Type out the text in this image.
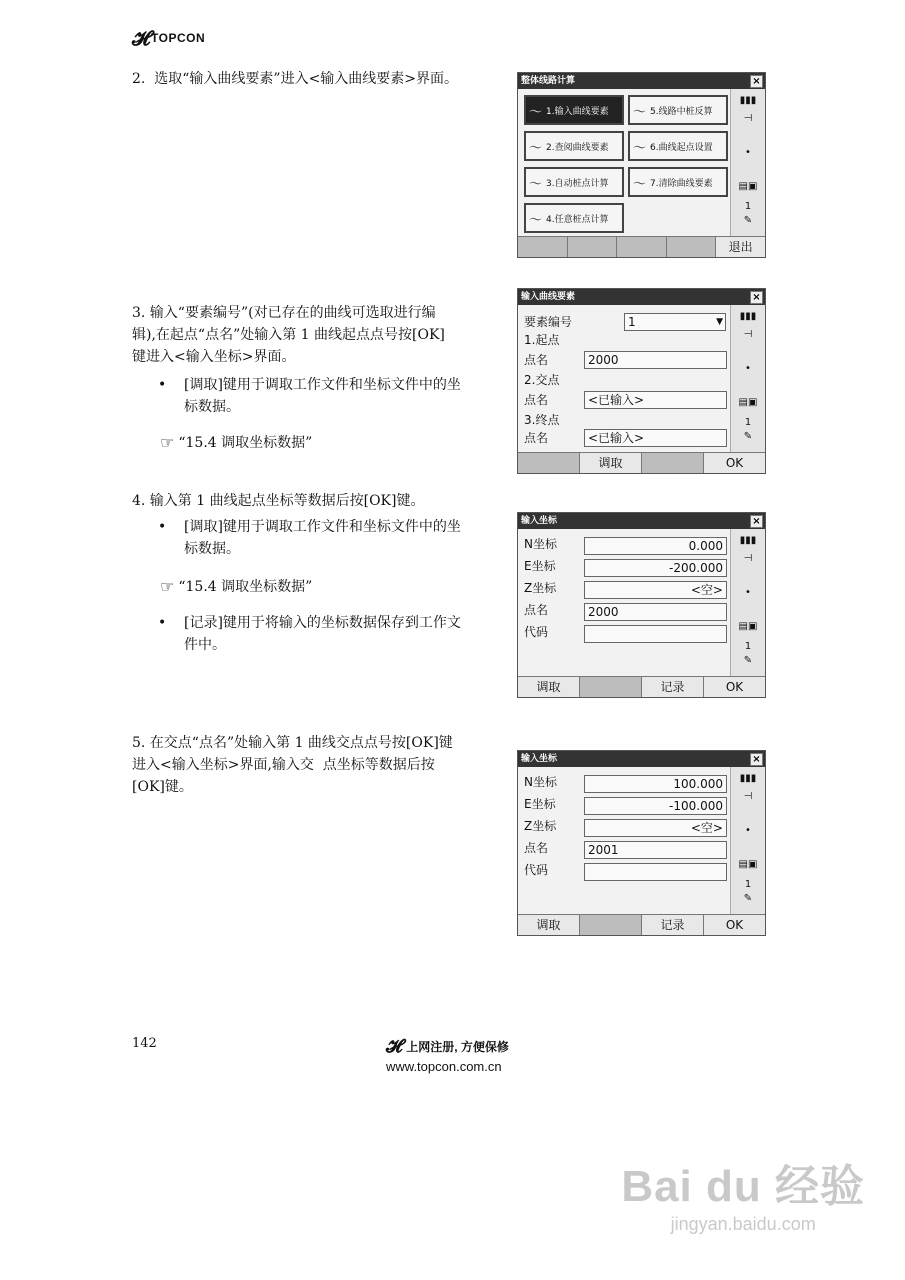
𝓗 TOPCON
2.  选取“输入曲线要素”进入<输入曲线要素>界面。	整体线路计算	×
〜 1.输入曲线要素
〜 2.查阅曲线要素
〜 3.自动桩点计算
〜 4.任意桩点计算
〜 5.线路中桩反算
〜 6.曲线起点设置
〜 7.清除曲线要素
▮▮▮
⊣
•
▤▣
1
✎
退出
3. 输入“要素编号”(对已存在的曲线可选取进行编
辑),在起点“点名”处输入第 1 曲线起点点号按[OK]
键进入<输入坐标>界面。
•	[调取]键用于调取工作文件和坐标文件中的坐
标数据。
☞ “15.4 调取坐标数据”
输入曲线要素	×
要素编号	1	▼
1.起点
点名	2000
2.交点
点名	<已输入>
3.终点
点名	<已输入>
▮▮▮
⊣
•
▤▣
1
✎
调取	OK
4. 输入第 1 曲线起点坐标等数据后按[OK]键。
•	[调取]键用于调取工作文件和坐标文件中的坐
标数据。
☞ “15.4 调取坐标数据”
•	[记录]键用于将输入的坐标数据保存到工作文
件中。
输入坐标	×
N坐标	0.000
E坐标	-200.000
Z坐标	<空>
点名	2000
代码
▮▮▮
⊣
•
▤▣
1
✎
调取	记录	OK
5. 在交点“点名”处输入第 1 曲线交点点号按[OK]键
进入<输入坐标>界面,输入交  点坐标等数据后按
[OK]键。
输入坐标	×
N坐标	100.000
E坐标	-100.000
Z坐标	<空>
点名	2001
代码
▮▮▮
⊣
•
▤▣
1
✎
调取	记录	OK
142	𝓗 上网注册, 方便保修
www.topcon.com.cn
Bai du 经验
jingyan.baidu.com
